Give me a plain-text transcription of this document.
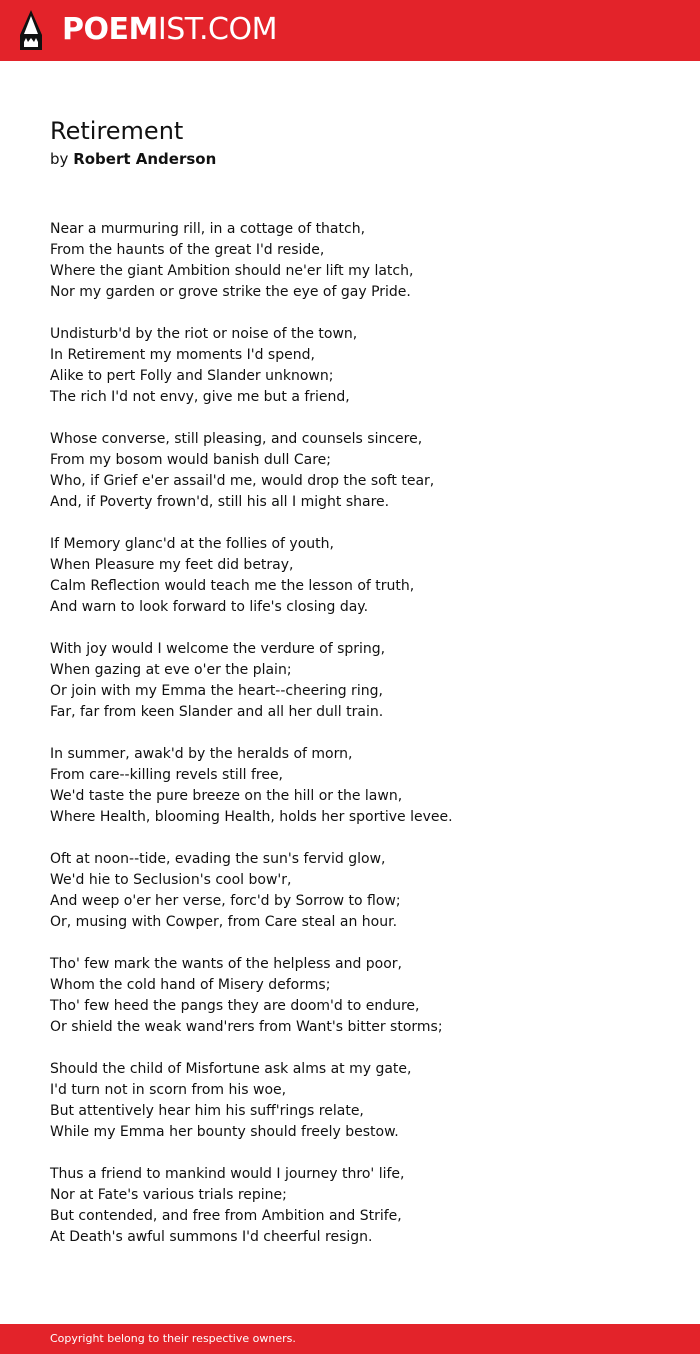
POEMIST.COM
Retirement
by Robert Anderson

Near a murmuring rill, in a cottage of thatch,
From the haunts of the great I'd reside,
Where the giant Ambition should ne'er lift my latch,
Nor my garden or grove strike the eye of gay Pride.

Undisturb'd by the riot or noise of the town,
In Retirement my moments I'd spend,
Alike to pert Folly and Slander unknown;
The rich I'd not envy, give me but a friend,

Whose converse, still pleasing, and counsels sincere,
From my bosom would banish dull Care;
Who, if Grief e'er assail'd me, would drop the soft tear,
And, if Poverty frown'd, still his all I might share.

If Memory glanc'd at the follies of youth,
When Pleasure my feet did betray,
Calm Reflection would teach me the lesson of truth,
And warn to look forward to life's closing day.

With joy would I welcome the verdure of spring,
When gazing at eve o'er the plain;
Or join with my Emma the heart--cheering ring,
Far, far from keen Slander and all her dull train.

In summer, awak'd by the heralds of morn,
From care--killing revels still free,
We'd taste the pure breeze on the hill or the lawn,
Where Health, blooming Health, holds her sportive levee.

Oft at noon--tide, evading the sun's fervid glow,
We'd hie to Seclusion's cool bow'r,
And weep o'er her verse, forc'd by Sorrow to flow;
Or, musing with Cowper, from Care steal an hour.

Tho' few mark the wants of the helpless and poor,
Whom the cold hand of Misery deforms;
Tho' few heed the pangs they are doom'd to endure,
Or shield the weak wand'rers from Want's bitter storms;

Should the child of Misfortune ask alms at my gate,
I'd turn not in scorn from his woe,
But attentively hear him his suff'rings relate,
While my Emma her bounty should freely bestow.

Thus a friend to mankind would I journey thro' life,
Nor at Fate's various trials repine;
But contended, and free from Ambition and Strife,
At Death's awful summons I'd cheerful resign.

Copyright belong to their respective owners.
